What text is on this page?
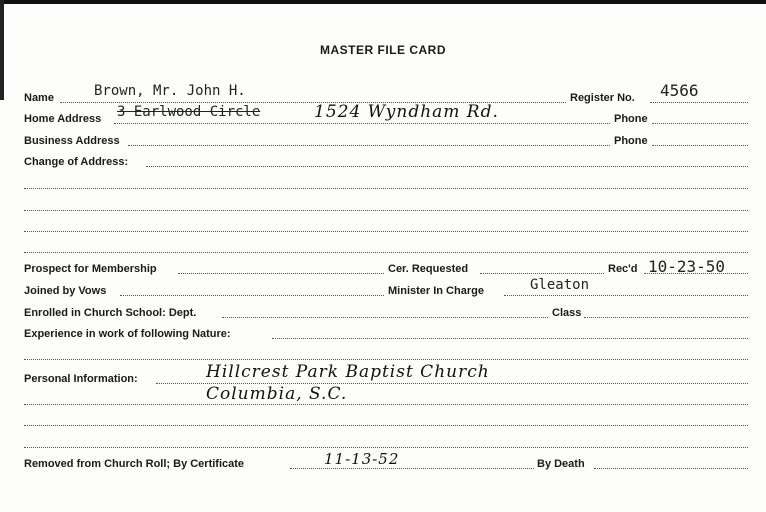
MASTER FILE CARD
Name	Brown, Mr. John H.	Register No. 4566
Home Address 3 Earlwood Circle	1524 Wyndham Rd.	Phone
Business Address	Phone
Change of Address:
Prospect for Membership	Cer. Requested	Rec'd 10-23-50
Joined by Vows	Minister In Charge	Gleaton
Enrolled in Church School: Dept.	Class
Experience in work of following Nature:
Personal Information:	Hillcrest Park Baptist Church
Columbia, S.C.
Removed from Church Roll; By Certificate	11-13-52	By Death
